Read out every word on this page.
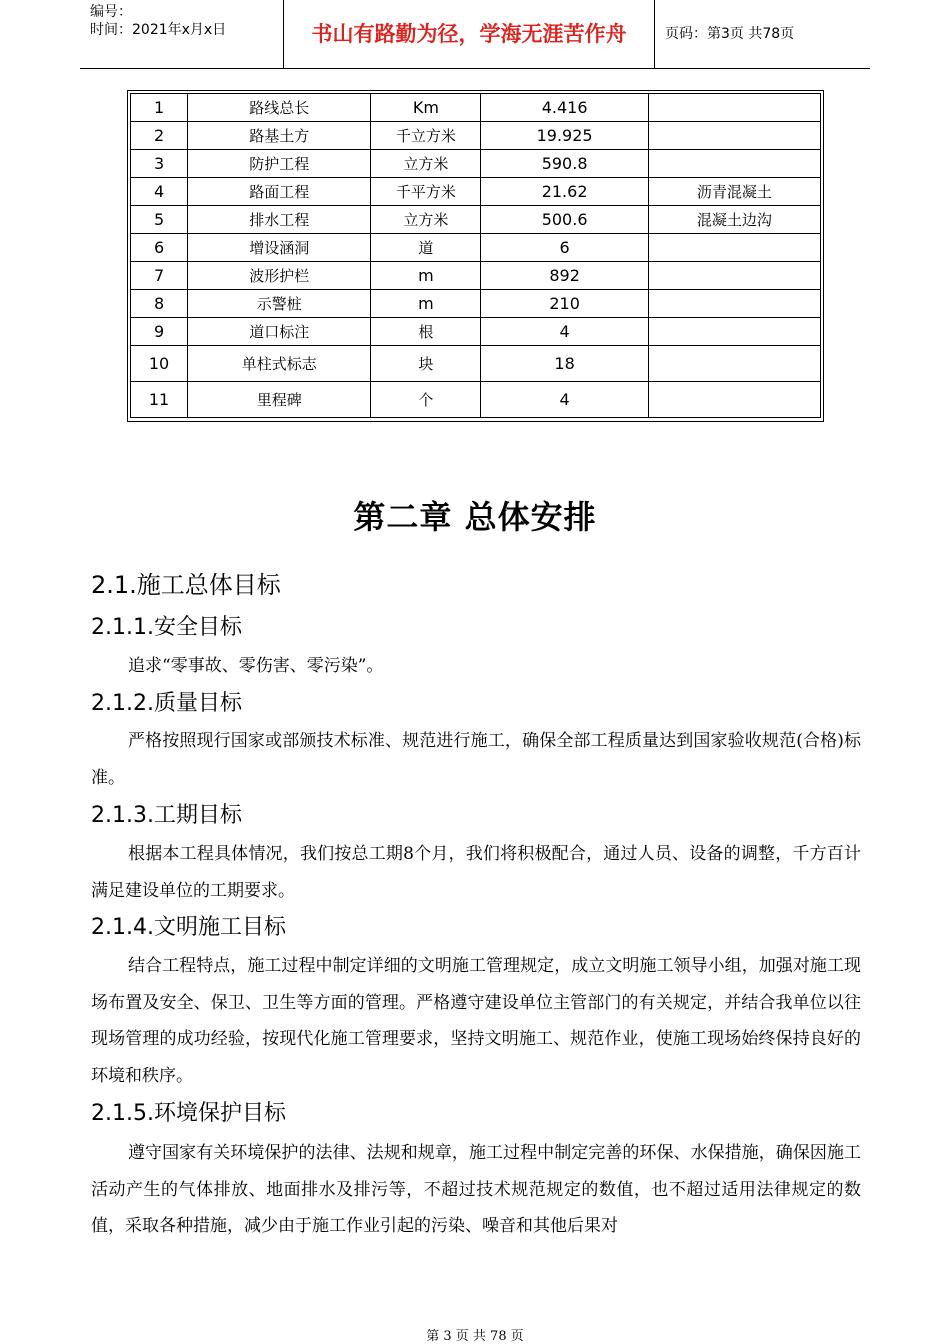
编号：
时间：2021年x月x日	书山有路勤为径，学海无涯苦作舟	页码：第3页 共78页
1	路线总长	Km	4.416	
2	路基土方	千立方米	19.925	
3	防护工程	立方米	590.8	
4	路面工程	千平方米	21.62	沥青混凝土
5	排水工程	立方米	500.6	混凝土边沟
6	增设涵洞	道	6	
7	波形护栏	m	892	
8	示警桩	m	210	
9	道口标注	根	4	
10	单柱式标志	块	18	
11	里程碑	个	4	
第二章 总体安排
2.1.施工总体目标
2.1.1.安全目标

追求“零事故、零伤害、零污染”。

2.1.2.质量目标

严格按照现行国家或部颁技术标准、规范进行施工，确保全部工程质量达到国家验收规范(合格)标准。

2.1.3.工期目标

根据本工程具体情况，我们按总工期8个月，我们将积极配合，通过人员、设备的调整，千方百计满足建设单位的工期要求。

2.1.4.文明施工目标

结合工程特点，施工过程中制定详细的文明施工管理规定，成立文明施工领导小组，加强对施工现场布置及安全、保卫、卫生等方面的管理。严格遵守建设单位主管部门的有关规定，并结合我单位以往现场管理的成功经验，按现代化施工管理要求，坚持文明施工、规范作业，使施工现场始终保持良好的环境和秩序。

2.1.5.环境保护目标

遵守国家有关环境保护的法律、法规和规章，施工过程中制定完善的环保、水保措施，确保因施工活动产生的气体排放、地面排水及排污等，不超过技术规范规定的数值，也不超过适用法律规定的数值，采取各种措施，减少由于施工作业引起的污染、噪音和其他后果对

第 3 页 共 78 页
